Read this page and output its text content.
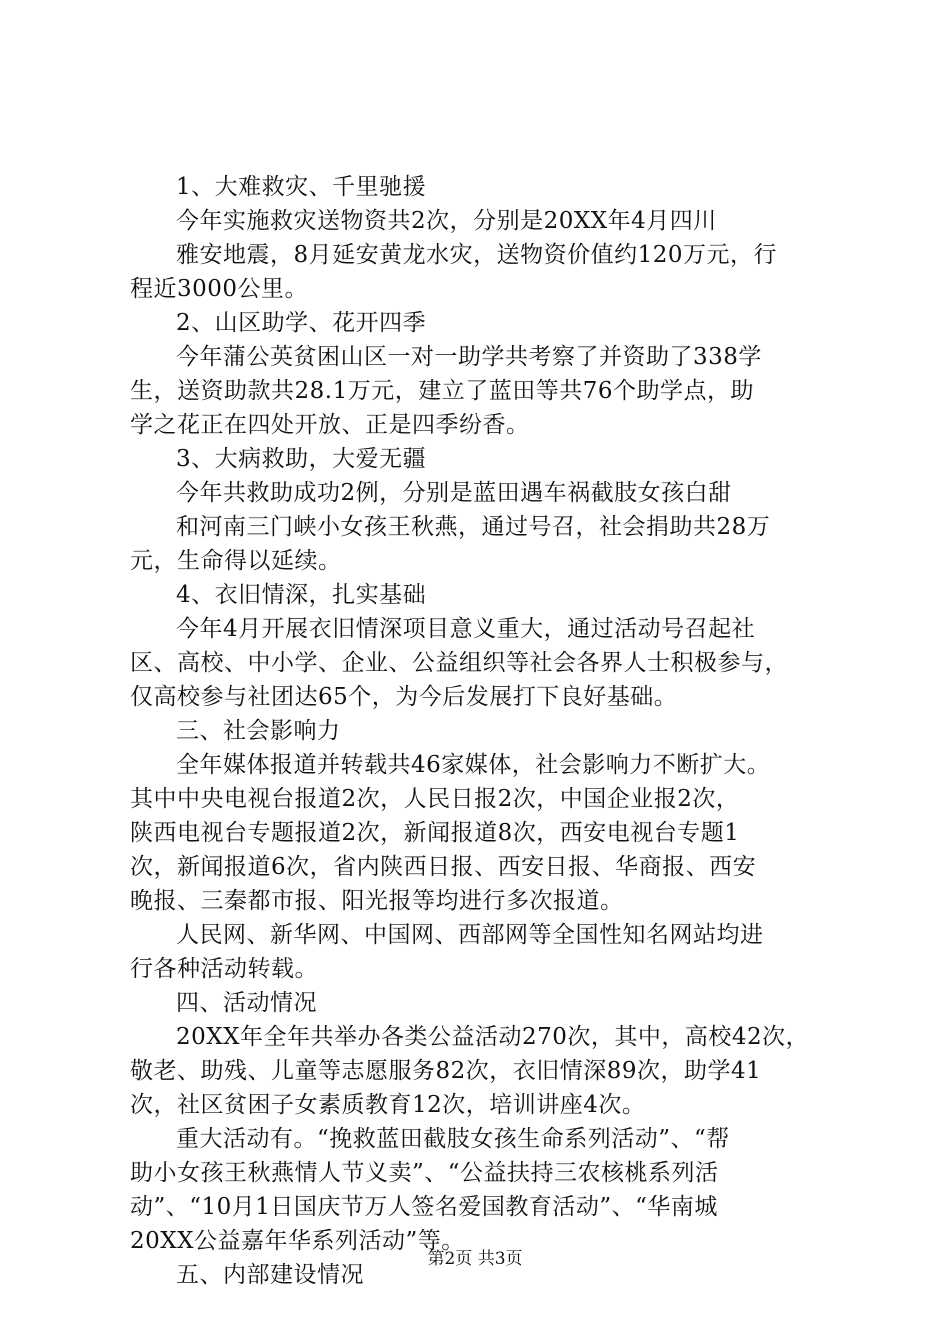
1、大难救灾、千里驰援
今年实施救灾送物资共2次，分别是20XX年4月四川
雅安地震，8月延安黄龙水灾，送物资价值约120万元，行
程近3000公里。
2、山区助学、花开四季
今年蒲公英贫困山区一对一助学共考察了并资助了338学
生，送资助款共28.1万元，建立了蓝田等共76个助学点，助
学之花正在四处开放、正是四季纷香。
3、大病救助，大爱无疆
今年共救助成功2例，分别是蓝田遇车祸截肢女孩白甜
和河南三门峡小女孩王秋燕，通过号召，社会捐助共28万
元，生命得以延续。
4、衣旧情深，扎实基础
今年4月开展衣旧情深项目意义重大，通过活动号召起社
区、高校、中小学、企业、公益组织等社会各界人士积极参与，
仅高校参与社团达65个，为今后发展打下良好基础。
三、社会影响力
全年媒体报道并转载共46家媒体，社会影响力不断扩大。
其中中央电视台报道2次，人民日报2次，中国企业报2次，
陕西电视台专题报道2次，新闻报道8次，西安电视台专题1
次，新闻报道6次，省内陕西日报、西安日报、华商报、西安
晚报、三秦都市报、阳光报等均进行多次报道。
人民网、新华网、中国网、西部网等全国性知名网站均进
行各种活动转载。
四、活动情况
20XX年全年共举办各类公益活动270次，其中，高校42次，
敬老、助残、儿童等志愿服务82次，衣旧情深89次，助学41
次，社区贫困子女素质教育12次，培训讲座4次。
重大活动有。“挽救蓝田截肢女孩生命系列活动”、“帮
助小女孩王秋燕情人节义卖”、“公益扶持三农核桃系列活
动”、“10月1日国庆节万人签名爱国教育活动”、“华南城
20XX公益嘉年华系列活动”等。
五、内部建设情况
第2页 共3页
